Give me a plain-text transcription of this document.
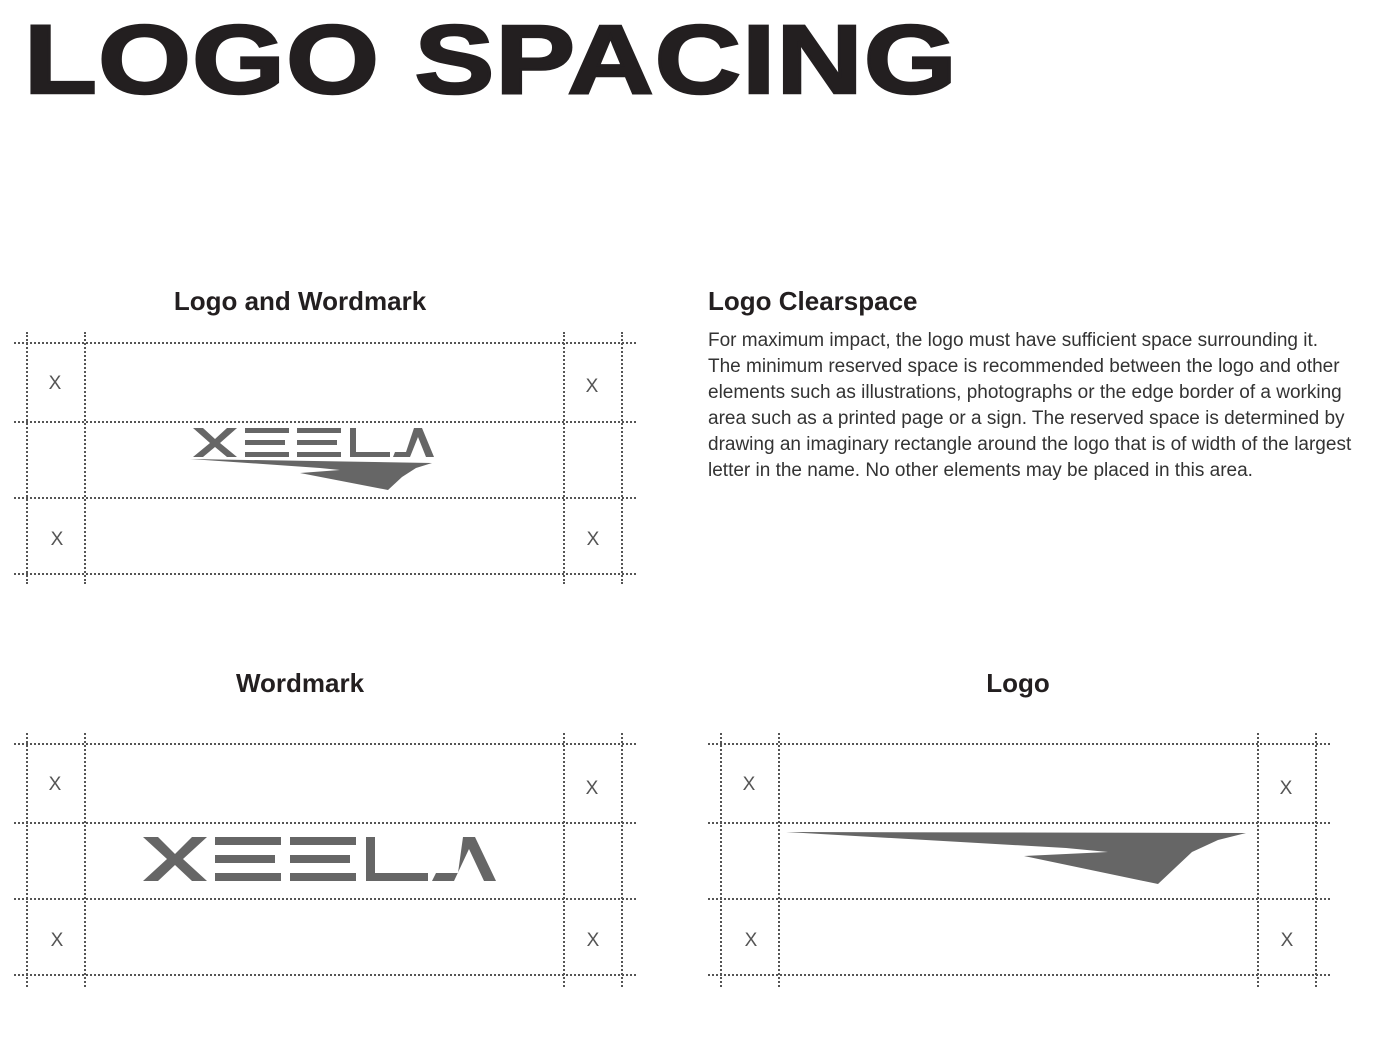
LOGO SPACING
Logo and Wordmark
X	X
X	X
Logo Clearspace
For maximum impact, the logo must have sufficient space surrounding it.
The minimum reserved space is recommended between the logo and other
elements such as illustrations, photographs or the edge border of a working
area such as a printed page or a sign. The reserved space is determined by
drawing an imaginary rectangle around the logo that is of width of the largest
letter in the name. No other elements may be placed in this area.
Wordmark
X	X
X	X
Logo
X	X
X	X
